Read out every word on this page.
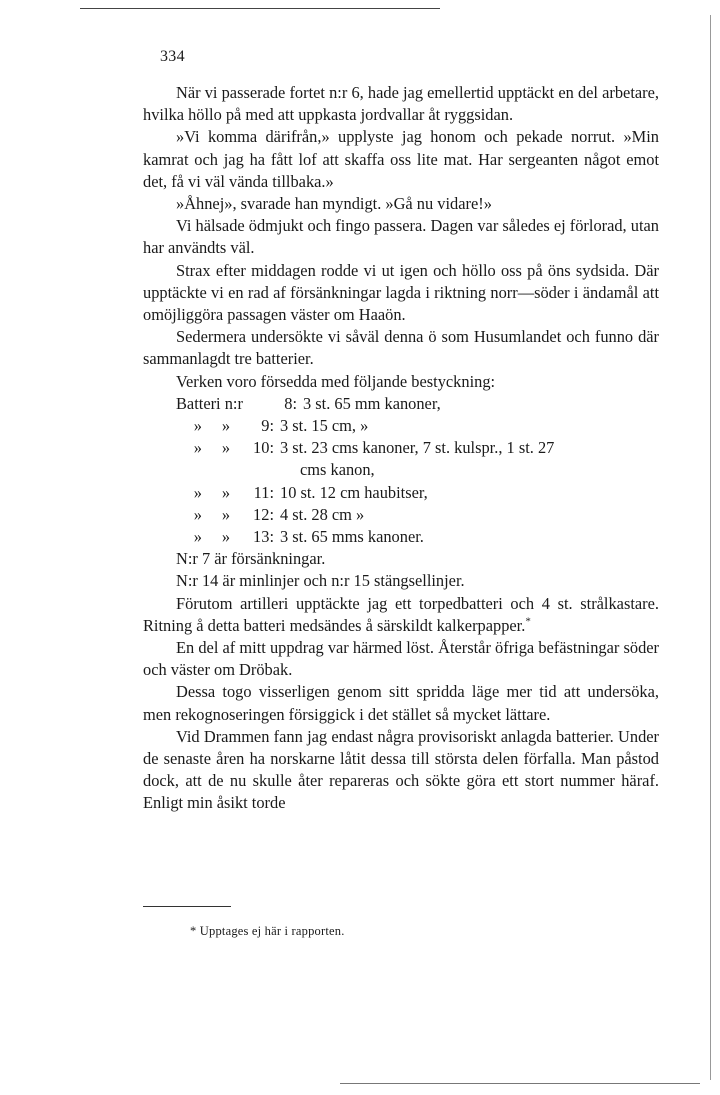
334

När vi passerade fortet n:r 6, hade jag emellertid upptäckt en del arbetare, hvilka höllo på med att uppkasta jordvallar åt ryggsidan.

»Vi komma därifrån,» upplyste jag honom och pekade norrut. »Min kamrat och jag ha fått lof att skaffa oss lite mat. Har sergeanten något emot det, få vi väl vända tillbaka.»

»Åhnej», svarade han myndigt. »Gå nu vidare!»

Vi hälsade ödmjukt och fingo passera. Dagen var således ej förlorad, utan har användts väl.

Strax efter middagen rodde vi ut igen och höllo oss på öns sydsida. Där upptäckte vi en rad af försänkningar lagda i riktning norr—söder i ändamål att omöjliggöra passagen väster om Haaön.

Sedermera undersökte vi såväl denna ö som Husumlandet och funno där sammanlagdt tre batterier.

Verken voro försedda med följande bestyckning:

Batteri n:r	8: 3 st. 65 mm kanoner,
»	»	9: 3 st. 15 cm, »
»	»	10: 3 st. 23 cms kanoner, 7 st. kulspr., 1 st. 27
cms kanon,
»	»	11: 10 st. 12 cm haubitser,
»	»	12: 4 st. 28 cm »
»	»	13: 3 st. 65 mms kanoner.

N:r 7 är försänkningar.

N:r 14 är minlinjer och n:r 15 stängsellinjer.

Förutom artilleri upptäckte jag ett torpedbatteri och 4 st. strålkastare. Ritning å detta batteri medsändes å särskildt kalkerpapper.*

En del af mitt uppdrag var härmed löst. Återstår öfriga befästningar söder och väster om Dröbak.

Dessa togo visserligen genom sitt spridda läge mer tid att undersöka, men rekognoseringen försiggick i det stället så mycket lättare.

Vid Drammen fann jag endast några provisoriskt anlagda batterier. Under de senaste åren ha norskarne låtit dessa till största delen förfalla. Man påstod dock, att de nu skulle åter repareras och sökte göra ett stort nummer häraf. Enligt min åsikt torde

* Upptages ej här i rapporten.
